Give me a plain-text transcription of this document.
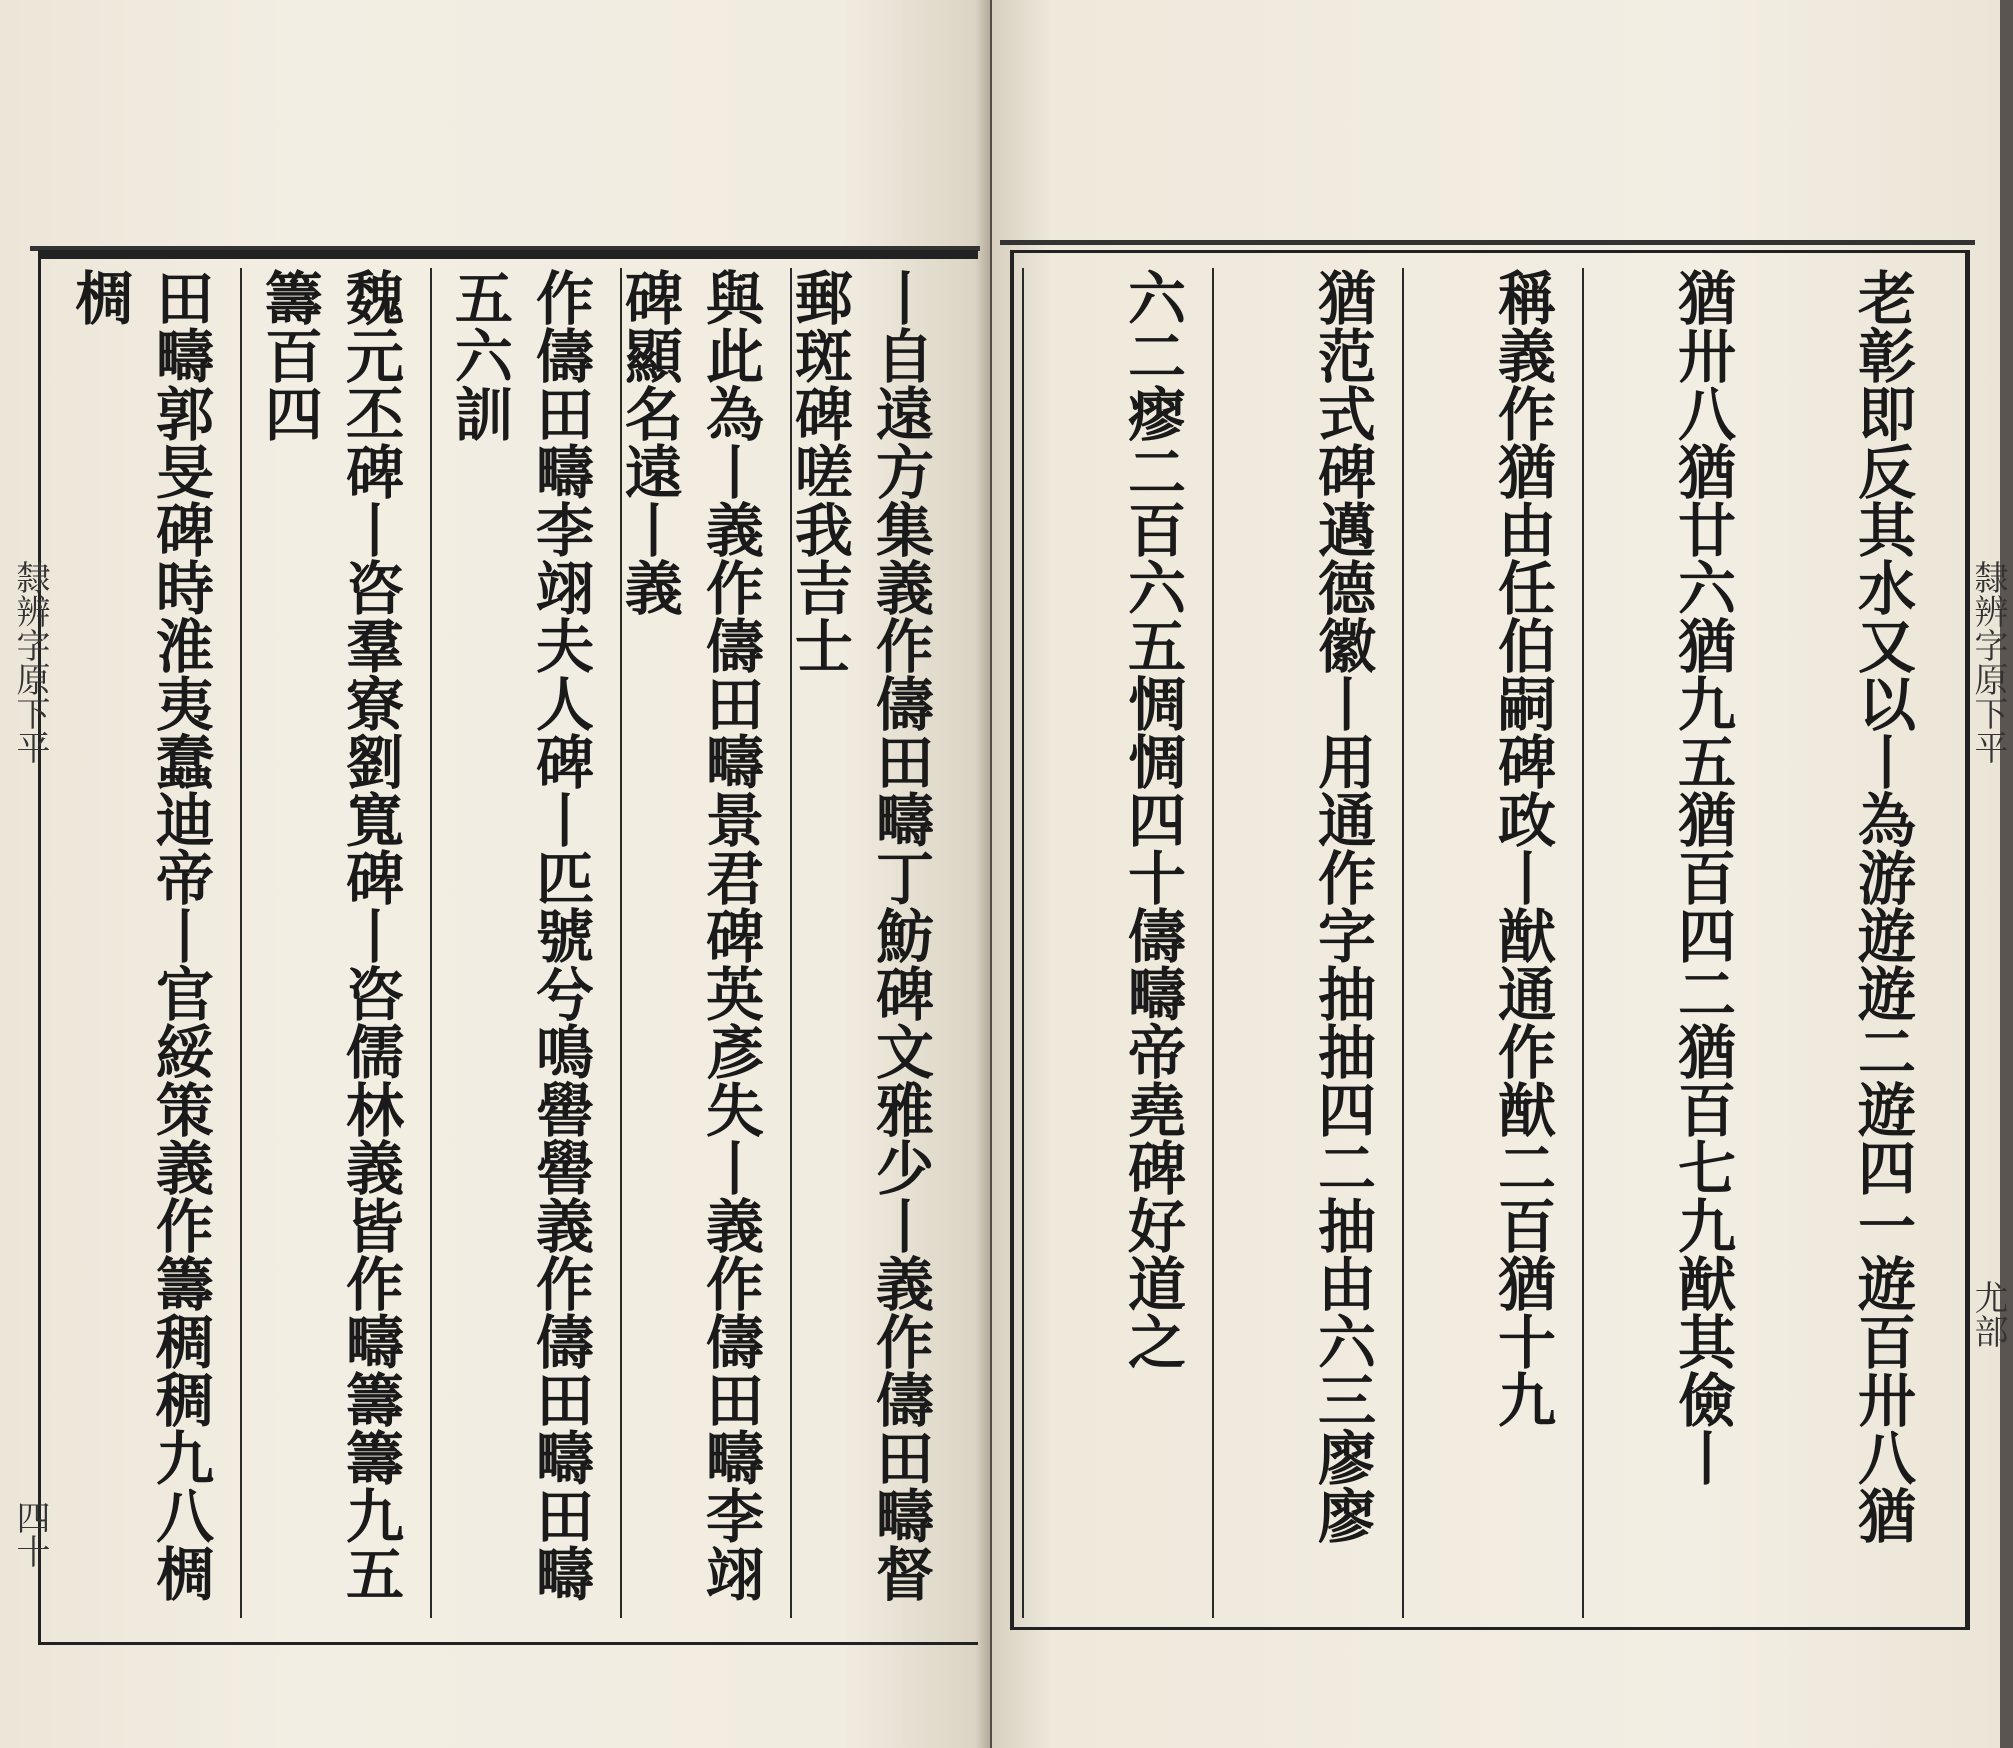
隸辨字原下平
四十	丨自遠方集義作儔田疇丁魴碑文雅少丨義作儔田疇督郵斑碑嗟我吉士
與此為丨義作儔田疇景君碑英彥失丨義作儔田疇李翊碑顯名遠丨義
作儔田疇李翊夫人碑丨匹號兮鳴嚳嚳義作儔田疇田疇五六訓
魏元丕碑丨咨羣寮劉寬碑丨咨儒林義皆作疇籌籌九五籌百四
田疇郭旻碑時淮夷蠢迪帝丨官綏策義作籌稠稠九八椆椆
隸辨字原下平
尤部
老彰即反其水又以丨為游遊遊二遊四一遊百卅八猶
猶卅八猶廿六猶九五猶百四二猶百七九猷其儉丨
稱義作猶由任伯嗣碑政丨猷通作猷二百猶十九
猶范式碑邁德徽丨用通作字抽抽四二抽由六三廖廖
六二瘳二百六五惆惆四十儔疇帝堯碑好道之
